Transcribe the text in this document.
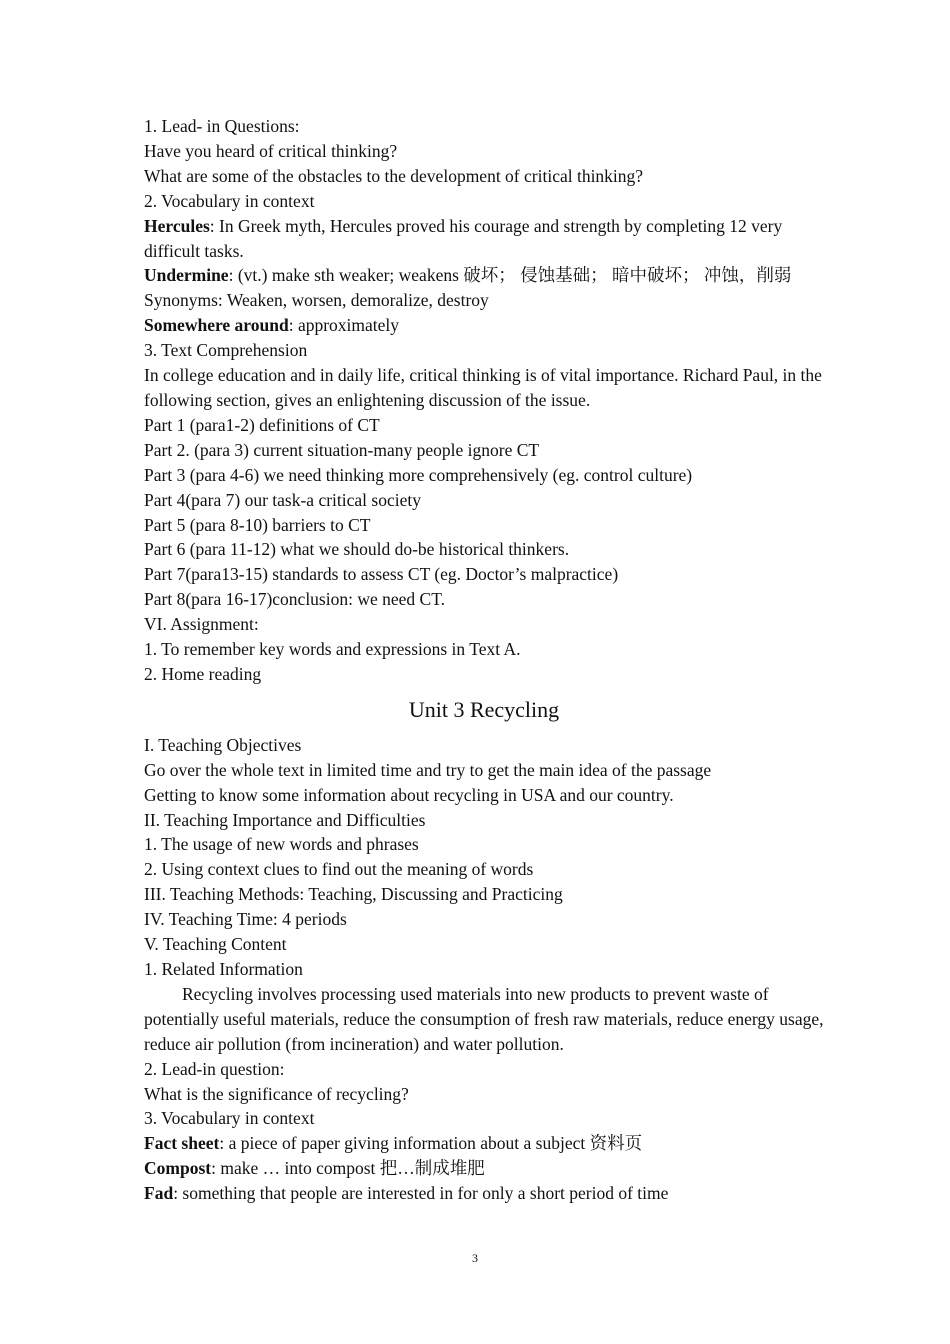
1. Lead- in Questions:
Have you heard of critical thinking?
What are some of the obstacles to the development of critical thinking?
2. Vocabulary in context
Hercules: In Greek myth, Hercules proved his courage and strength by completing 12 very difficult tasks.
Undermine: (vt.) make sth weaker; weakens 破坏； 侵蚀基础； 暗中破坏； 冲蚀，削弱 Synonyms: Weaken, worsen, demoralize, destroy
Somewhere around: approximately
3. Text Comprehension
In college education and in daily life, critical thinking is of vital importance. Richard Paul, in the following section, gives an enlightening discussion of the issue.
Part 1 (para1-2) definitions of CT
Part 2. (para 3) current situation-many people ignore CT
Part 3 (para 4-6) we need thinking more comprehensively (eg. control culture)
Part 4(para 7) our task-a critical society
Part 5 (para 8-10) barriers to CT
Part 6 (para 11-12) what we should do-be historical thinkers.
Part 7(para13-15) standards to assess CT (eg. Doctor’s malpractice)
Part 8(para 16-17)conclusion: we need CT.
VI. Assignment:
1. To remember key words and expressions in Text A.
2. Home reading
Unit 3 Recycling
I. Teaching Objectives
Go over the whole text in limited time and try to get the main idea of the passage
Getting to know some information about recycling in USA and our country.
II. Teaching Importance and Difficulties
1. The usage of new words and phrases
2. Using context clues to find out the meaning of words
III. Teaching Methods: Teaching, Discussing and Practicing
IV. Teaching Time: 4 periods
V. Teaching Content
1. Related Information
Recycling involves processing used materials into new products to prevent waste of potentially useful materials, reduce the consumption of fresh raw materials, reduce energy usage, reduce air pollution (from incineration) and water pollution.
2. Lead-in question:
What is the significance of recycling?
3. Vocabulary in context
Fact sheet: a piece of paper giving information about a subject 资料页
Compost: make … into compost 把…制成堆肥
Fad: something that people are interested in for only a short period of time
3
